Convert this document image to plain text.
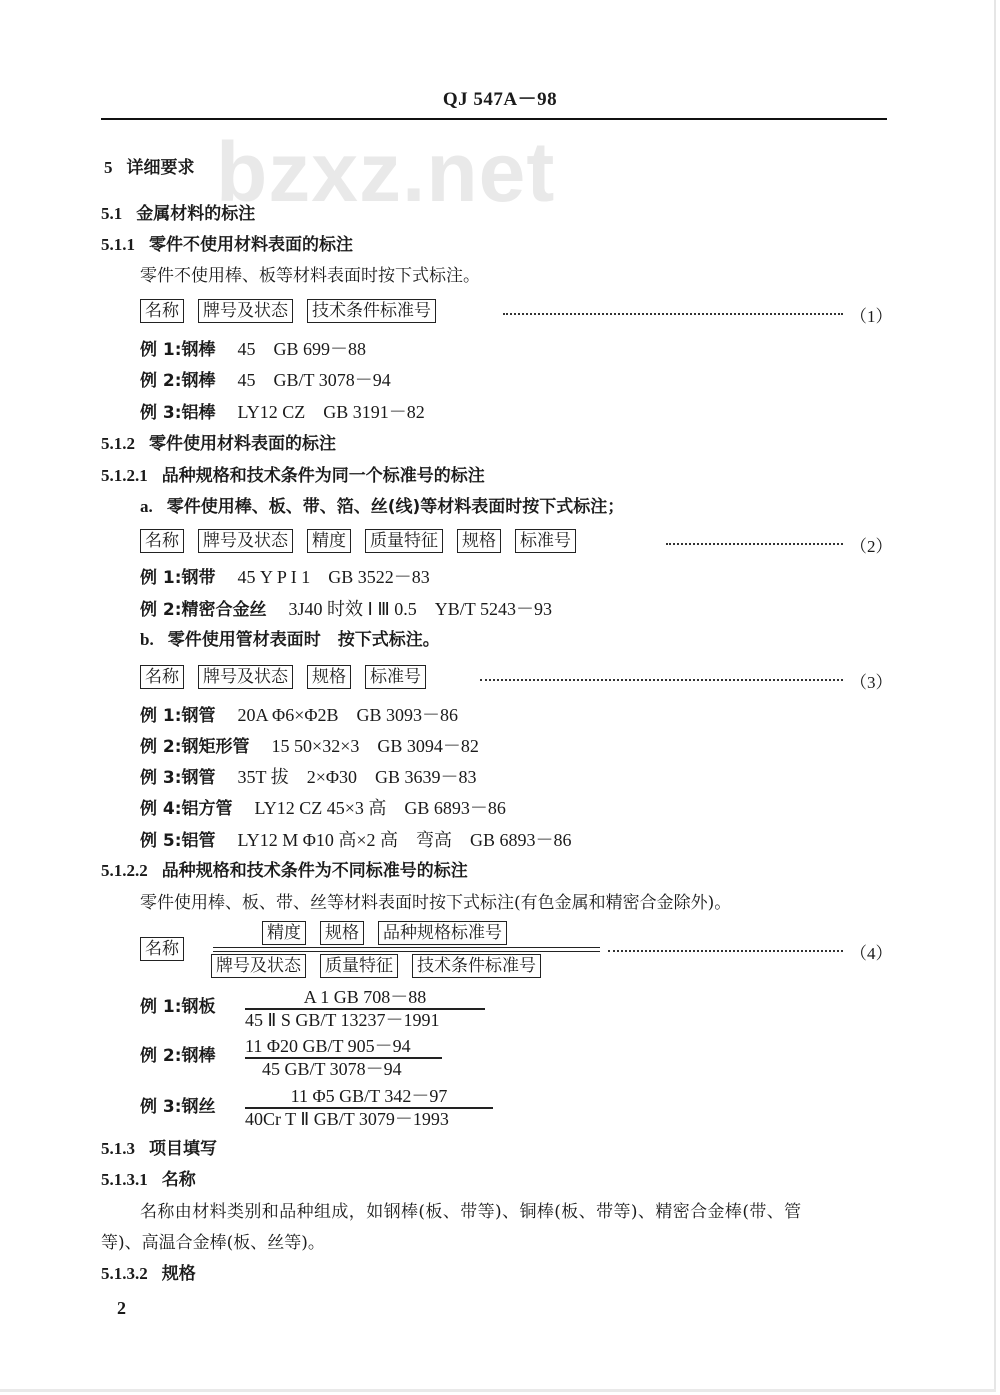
QJ 547A－98
bzxz.net
5 详细要求
5.1 金属材料的标注
5.1.1 零件不使用材料表面的标注
零件不使用棒、板等材料表面时按下式标注。
名称 牌号及状态 技术条件标准号	（1）
例 1:钢棒 45　GB 699－88
例 2:钢棒 45　GB/T 3078－94
例 3:铝棒 LY12 CZ　GB 3191－82
5.1.2 零件使用材料表面的标注
5.1.2.1 品种规格和技术条件为同一个标准号的标注
a. 零件使用棒、板、带、箔、丝(线)等材料表面时按下式标注；
名称 牌号及状态 精度 质量特征 规格 标准号	（2）
例 1:钢带 45 Y P I 1　GB 3522－83
例 2:精密合金丝 3J40 时效 Ⅰ Ⅲ 0.5　YB/T 5243－93
b. 零件使用管材表面时　按下式标注。
名称 牌号及状态 规格 标准号	（3）
例 1:钢管 20A Φ6×Φ2B　GB 3093－86
例 2:钢矩形管 15 50×32×3　GB 3094－82
例 3:钢管 35T 拔　2×Φ30　GB 3639－83
例 4:铝方管 LY12 CZ 45×3 高　GB 6893－86
例 5:铝管 LY12 M Φ10 高×2 高　弯高　GB 6893－86
5.1.2.2 品种规格和技术条件为不同标准号的标注
零件使用棒、板、带、丝等材料表面时按下式标注(有色金属和精密合金除外)。
名称
精度 规格 品种规格标准号
牌号及状态 质量特征 技术条件标准号
（4）
例 1:钢板	A 1 GB 708－88
45 Ⅱ S GB/T 13237－1991
例 2:钢棒 11 Φ20 GB/T 905－94
45 GB/T 3078－94
例 3:钢丝
11 Φ5 GB/T 342－97
40Cr T Ⅱ GB/T 3079－1993
5.1.3 项目填写
5.1.3.1 名称
名称由材料类别和品种组成，如钢棒(板、带等)、铜棒(板、带等)、精密合金棒(带、管
等)、高温合金棒(板、丝等)。
5.1.3.2 规格
2
